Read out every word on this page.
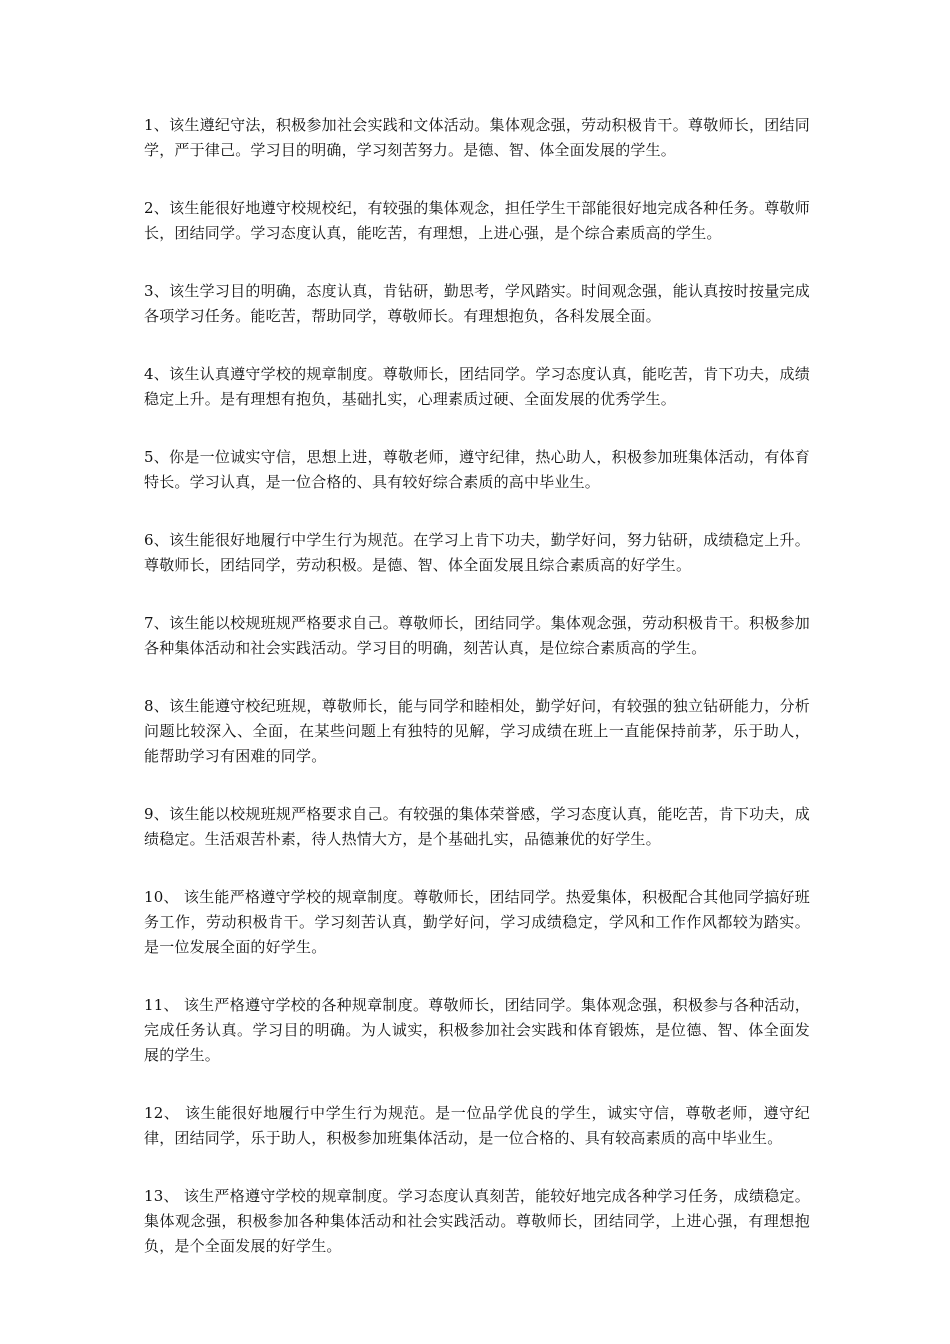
1、该生遵纪守法，积极参加社会实践和文体活动。集体观念强，劳动积极肯干。尊敬师长，团结同学，严于律己。学习目的明确，学习刻苦努力。是德、智、体全面发展的学生。

2、该生能很好地遵守校规校纪，有较强的集体观念，担任学生干部能很好地完成各种任务。尊敬师长，团结同学。学习态度认真，能吃苦，有理想，上进心强，是个综合素质高的学生。

3、该生学习目的明确，态度认真，肯钻研，勤思考，学风踏实。时间观念强，能认真按时按量完成各项学习任务。能吃苦，帮助同学，尊敬师长。有理想抱负，各科发展全面。

4、该生认真遵守学校的规章制度。尊敬师长，团结同学。学习态度认真，能吃苦，肯下功夫，成绩稳定上升。是有理想有抱负，基础扎实，心理素质过硬、全面发展的优秀学生。

5、你是一位诚实守信，思想上进，尊敬老师，遵守纪律，热心助人，积极参加班集体活动，有体育特长。学习认真，是一位合格的、具有较好综合素质的高中毕业生。

6、该生能很好地履行中学生行为规范。在学习上肯下功夫，勤学好问，努力钻研，成绩稳定上升。尊敬师长，团结同学，劳动积极。是德、智、体全面发展且综合素质高的好学生。

7、该生能以校规班规严格要求自己。尊敬师长，团结同学。集体观念强，劳动积极肯干。积极参加各种集体活动和社会实践活动。学习目的明确，刻苦认真，是位综合素质高的学生。

8、该生能遵守校纪班规，尊敬师长，能与同学和睦相处，勤学好问，有较强的独立钻研能力，分析问题比较深入、全面，在某些问题上有独特的见解，学习成绩在班上一直能保持前茅，乐于助人，能帮助学习有困难的同学。

9、该生能以校规班规严格要求自己。有较强的集体荣誉感，学习态度认真，能吃苦，肯下功夫，成绩稳定。生活艰苦朴素，待人热情大方，是个基础扎实，品德兼优的好学生。

10、 该生能严格遵守学校的规章制度。尊敬师长，团结同学。热爱集体，积极配合其他同学搞好班务工作，劳动积极肯干。学习刻苦认真，勤学好问，学习成绩稳定，学风和工作作风都较为踏实。是一位发展全面的好学生。

11、 该生严格遵守学校的各种规章制度。尊敬师长，团结同学。集体观念强，积极参与各种活动，完成任务认真。学习目的明确。为人诚实，积极参加社会实践和体育锻炼，是位德、智、体全面发展的学生。

12、 该生能很好地履行中学生行为规范。是一位品学优良的学生，诚实守信，尊敬老师，遵守纪律，团结同学，乐于助人，积极参加班集体活动，是一位合格的、具有较高素质的高中毕业生。

13、 该生严格遵守学校的规章制度。学习态度认真刻苦，能较好地完成各种学习任务，成绩稳定。集体观念强，积极参加各种集体活动和社会实践活动。尊敬师长，团结同学，上进心强，有理想抱负，是个全面发展的好学生。
